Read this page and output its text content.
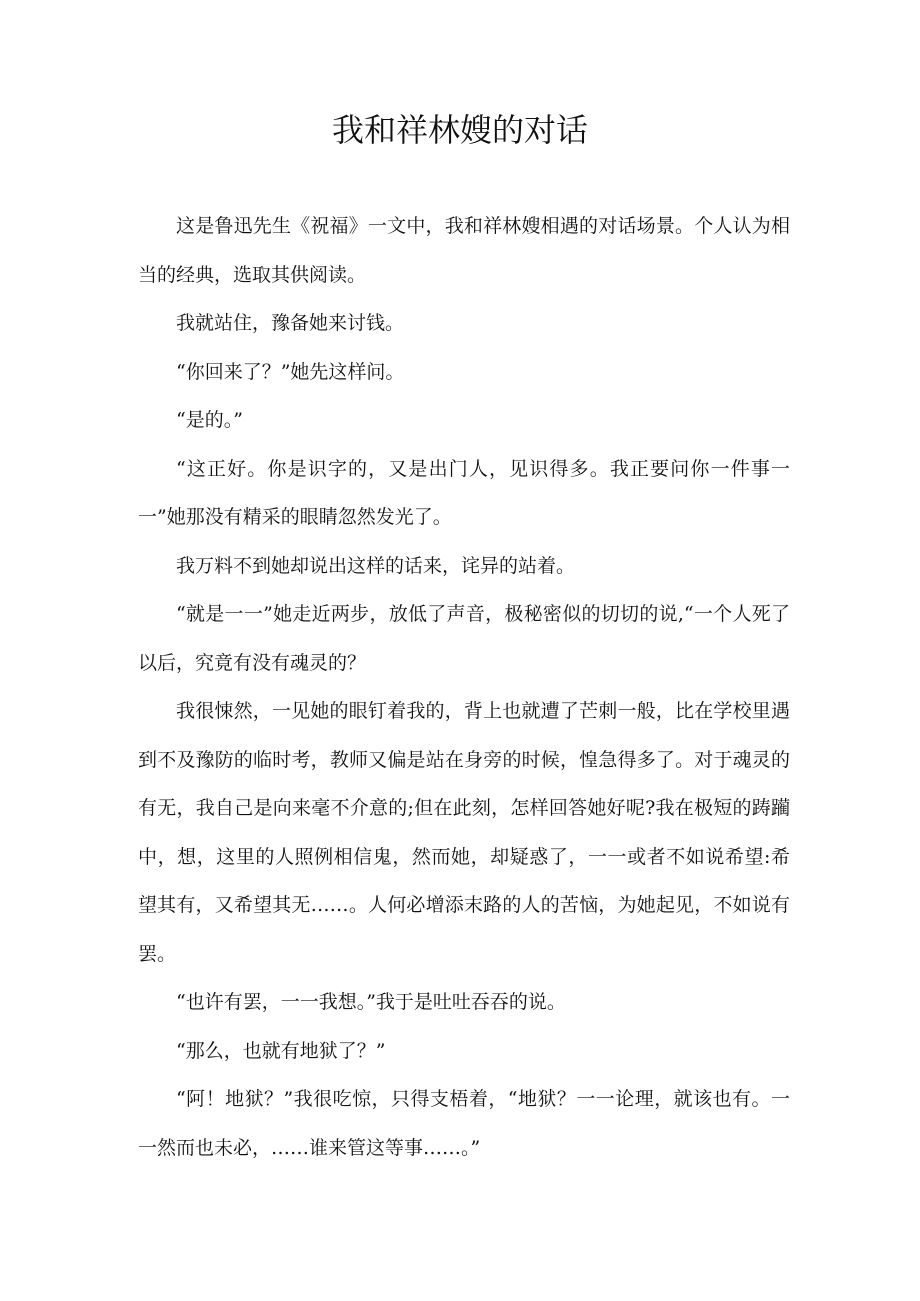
我和祥林嫂的对话

这是鲁迅先生《祝福》一文中，我和祥林嫂相遇的对话场景。个人认为相当的经典，选取其供阅读。

我就站住，豫备她来讨钱。

“你回来了？”她先这样问。

“是的。”

“这正好。你是识字的，又是出门人，见识得多。我正要问你一件事一一”她那没有精采的眼睛忽然发光了。

我万料不到她却说出这样的话来，诧异的站着。

“就是一一”她走近两步，放低了声音，极秘密似的切切的说,“一个人死了以后，究竟有没有魂灵的？

我很悚然，一见她的眼钉着我的，背上也就遭了芒刺一般，比在学校里遇到不及豫防的临时考，教师又偏是站在身旁的时候，惶急得多了。对于魂灵的有无，我自己是向来毫不介意的;但在此刻，怎样回答她好呢?我在极短的踌躏中，想，这里的人照例相信鬼，然而她，却疑惑了，一一或者不如说希望:希望其有，又希望其无……。人何必增添末路的人的苦恼，为她起见，不如说有罢。

“也许有罢，一一我想。”我于是吐吐吞吞的说。

“那么，也就有地狱了？”

“阿！地狱？”我很吃惊，只得支梧着，“地狱？一一论理，就该也有。一一然而也未必，……谁来管这等事……。”
